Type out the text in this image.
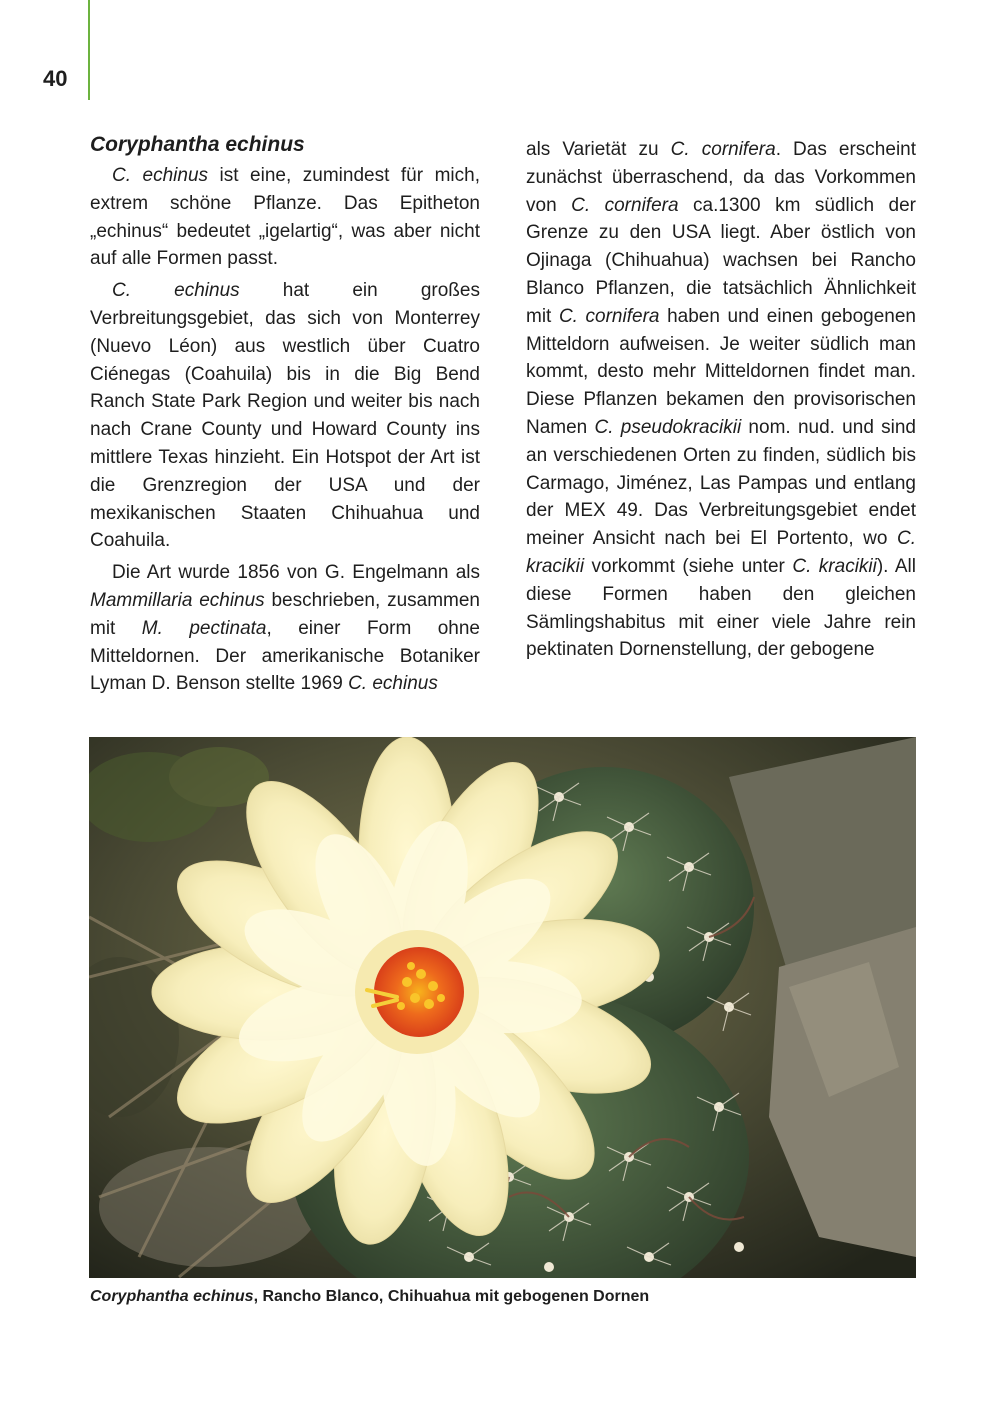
40
Coryphantha echinus

C. echinus ist eine, zumindest für mich, extrem schöne Pflanze. Das Epitheton „echinus“ bedeutet „igelartig“, was aber nicht auf alle Formen passt.

C. echinus hat ein großes Verbreitungsgebiet, das sich von Monterrey (Nuevo Léon) aus westlich über Cuatro Ciénegas (Coahuila) bis in die Big Bend Ranch State Park Region und weiter bis nach nach Crane County und Howard County ins mittlere Texas hinzieht. Ein Hotspot der Art ist die Grenzregion der USA und der mexikanischen Staaten Chihuahua und Coahuila.

Die Art wurde 1856 von G. Engelmann als Mammillaria echinus beschrieben, zusammen mit M. pectinata, einer Form ohne Mitteldornen. Der amerikanische Botaniker Lyman D. Benson stellte 1969 C. echinus

als Varietät zu C. cornifera. Das erscheint zunächst überraschend, da das Vorkommen von C. cornifera ca.1300 km südlich der Grenze zu den USA liegt. Aber östlich von Ojinaga (Chihuahua) wachsen bei Rancho Blanco Pflanzen, die tatsächlich Ähnlichkeit mit C. cornifera haben und einen gebogenen Mitteldorn aufweisen. Je weiter südlich man kommt, desto mehr Mitteldornen findet man. Diese Pflanzen bekamen den provisorischen Namen C. pseudokracikii nom. nud. und sind an verschiedenen Orten zu finden, südlich bis Carmago, Jiménez, Las Pampas und entlang der MEX 49. Das Verbreitungsgebiet endet meiner Ansicht nach bei El Portento, wo C. kracikii vorkommt (siehe unter C. kracikii). All diese Formen haben den gleichen Sämlingshabitus mit einer viele Jahre rein pektinaten Dornenstellung, der gebogene

Coryphantha echinus, Rancho Blanco, Chihuahua mit gebogenen Dornen
